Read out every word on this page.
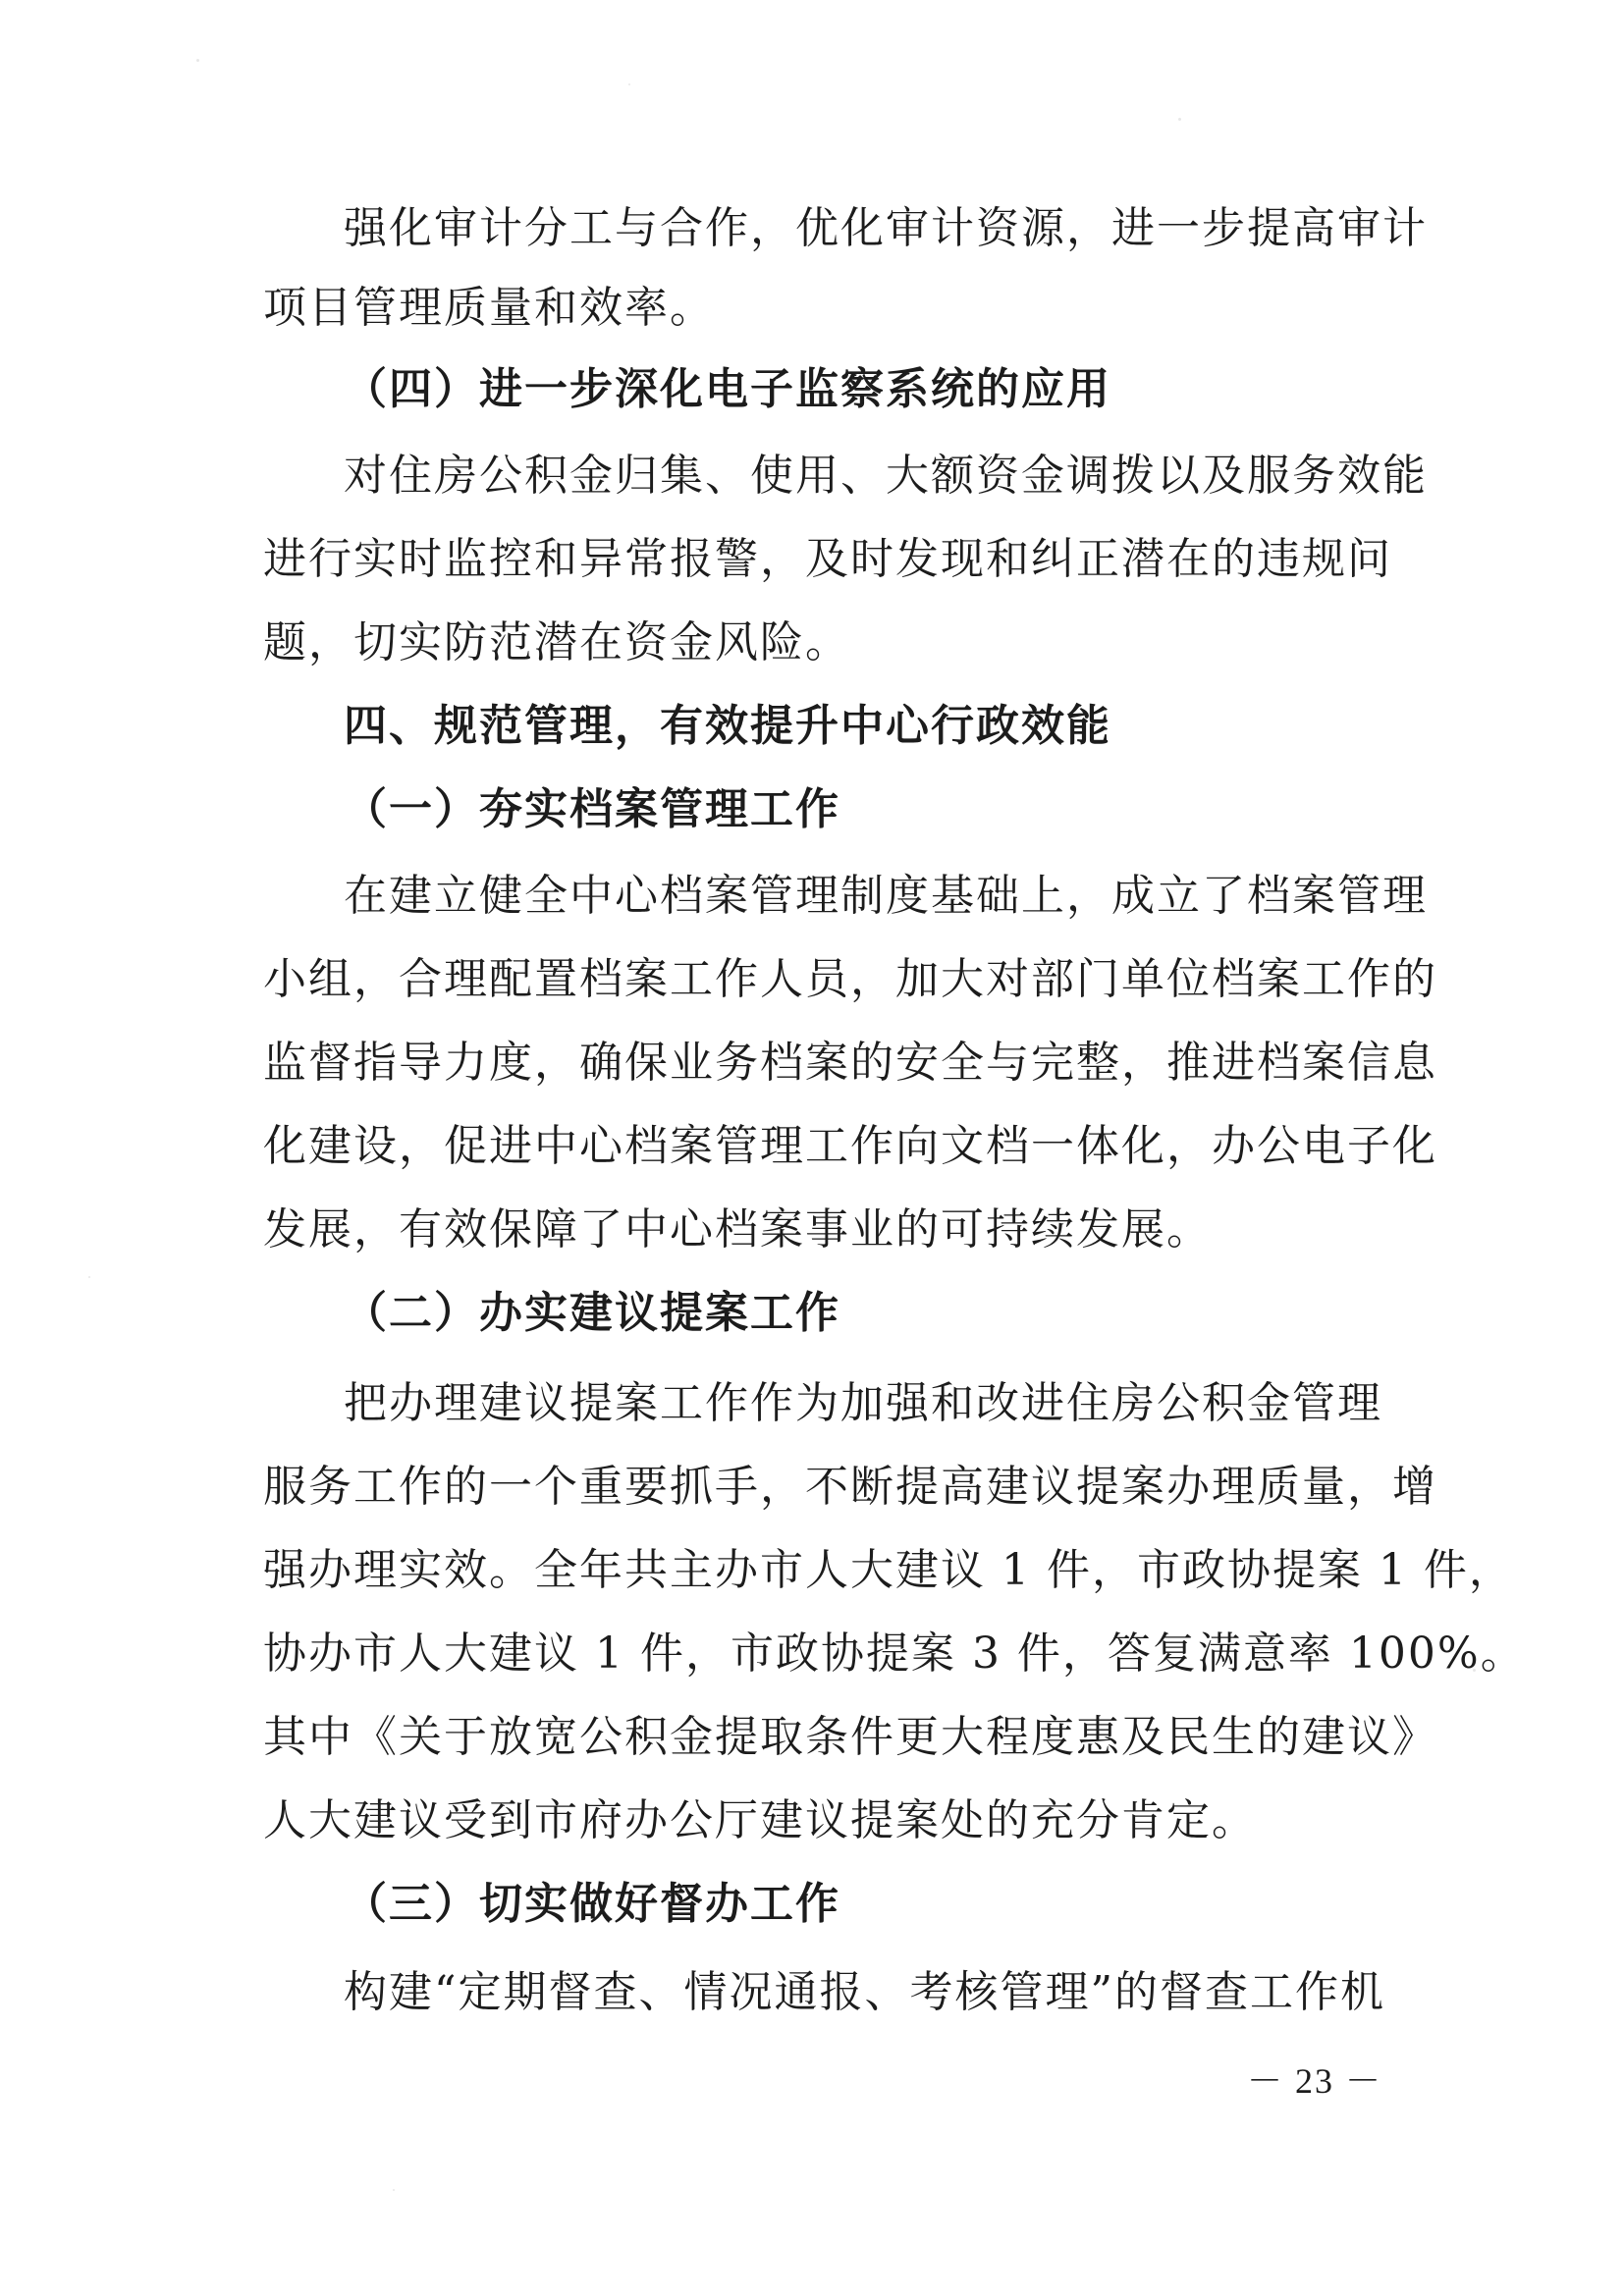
强化审计分工与合作，优化审计资源，进一步提高审计
项目管理质量和效率。
（四）进一步深化电子监察系统的应用
对住房公积金归集、使用、大额资金调拨以及服务效能
进行实时监控和异常报警，及时发现和纠正潜在的违规问
题，切实防范潜在资金风险。
四、规范管理，有效提升中心行政效能
（一）夯实档案管理工作
在建立健全中心档案管理制度基础上，成立了档案管理
小组，合理配置档案工作人员，加大对部门单位档案工作的
监督指导力度，确保业务档案的安全与完整，推进档案信息
化建设，促进中心档案管理工作向文档一体化，办公电子化
发展，有效保障了中心档案事业的可持续发展。
（二）办实建议提案工作
把办理建议提案工作作为加强和改进住房公积金管理
服务工作的一个重要抓手，不断提高建议提案办理质量，增
强办理实效。全年共主办市人大建议 1 件，市政协提案 1 件，
协办市人大建议 1 件，市政协提案 3 件，答复满意率 100%。
其中《关于放宽公积金提取条件更大程度惠及民生的建议》
人大建议受到市府办公厅建议提案处的充分肯定。
（三）切实做好督办工作
构建“定期督查、情况通报、考核管理”的督查工作机
－ 23 －
